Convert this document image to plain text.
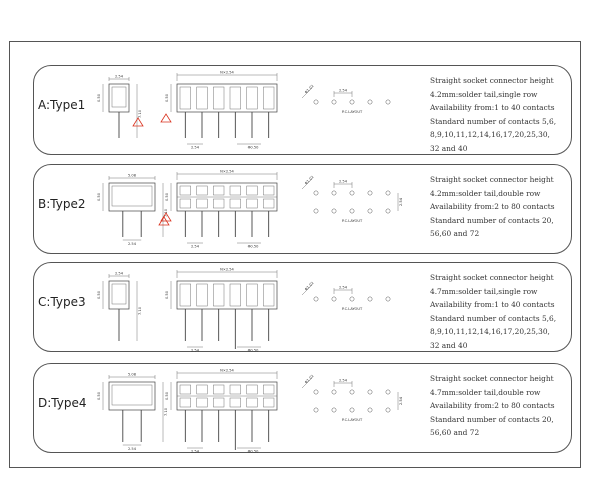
A:Type1
2.54
7.10
0.50
N×2.54
2.54	Φ0.50
0.50
Φ1.02	2.54
P.C.LAYOUT
Straight socket connector height
4.2mm:solder tail,single row
Availability from:1 to 40 contacts
Standard number of contacts 5,6,
8,9,10,11,12,14,16,17,20,25,30,
32 and 40
B:Type2
5.08
7.10
0.50
2.54
N×2.54
2.54	Φ0.50
0.50
Φ1.02	2.54
2.54
P.C.LAYOUT
Straight socket connector height
4.2mm:solder tail,double row
Availability from:2 to 80 contacts
Standard number of contacts 20,
56,60 and 72
C:Type3
2.54
7.10
0.50
N×2.54
2.54	Φ0.50
0.50
Φ1.02	2.54
P.C.LAYOUT
Straight socket connector height
4.7mm:solder tail,single row
Availability from:1 to 40 contacts
Standard number of contacts 5,6,
8,9,10,11,12,14,16,17,20,25,30,
32 and 40
D:Type4
5.08
7.10
0.50
2.54
N×2.54
2.54	Φ0.50
0.50
Φ1.02	2.54
2.54
P.C.LAYOUT
Straight socket connector height
4.7mm:solder tail,double row
Availability from:2 to 80 contacts
Standard number of contacts 20,
56,60 and 72
